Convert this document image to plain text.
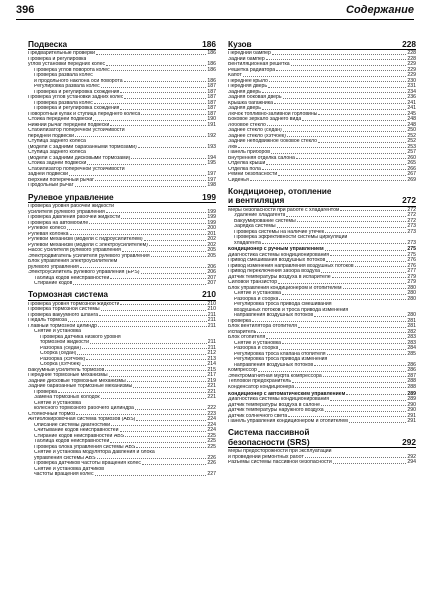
396	Содержание
Подвеска	186
Предварительные проверки	186
Проверка и регулировка
углов установки передних колес	186
Проверка углов поворота колес	186
Проверка развала колес
и продольного наклона оси поворота	186
Регулировка развала колес	187
Проверка и регулировка схождения	187
Проверка углов установки задних колес	187
Проверка развала колес	187
Проверка и регулировка схождения	187
Поворотный кулак и ступица переднего колеса	187
Стойка передней подвески	190
Нижний рычаг передней подвески	191
Стабилизатор поперечной устойчивости
передней подвески	192
Ступица заднего колеса
(модели с задними барабанными тормозами)	193
Ступица заднего колеса
(модели с задними дисковыми тормозами)	194
Стойка задней подвески	195
Стабилизатор поперечной устойчивости
задней подвески	197
Верхний поперечный рычаг	197
Продольный рычаг	198
Рулевое управление	199
Проверка уровня рабочей жидкости
усилителя рулевого управления	199
Проверка давления рабочей жидкости	199
Проверка на автомобиле	199
Рулевое колесо	200
Рулевая колонка	201
Рулевой механизм (модели с гидроусилителем)	202
Рулевой механизм (модели с электроусилителем)	202
Насос усилителя рулевого управления	205
Электродвигатель усилителя рулевого управления	205
Блок управления электроусилителем
рулевого управления	206
Электроусилитель рулевого управления (EPS)	206
Таблица кодов неисправностей	207
Стирание кодов	207
Тормозная система	210
Проверка уровня тормозной жидкости	210
Проверка тормозной системы	210
Проверка вакуумного шланга	211
Педаль тормоза	211
Главный тормозной цилиндр	211
Снятие и установка
Проверка датчика низкого уровня
тормозной жидкости	211
Разборка (седан)	211
Сборка (седан)	212
Разборка (хэтчбек)	213
Сборка (хэтчбек)	214
Вакуумный усилитель тормозов	215
Передние тормозные механизмы	217
Задние дисковые тормозные механизмы	219
Задние барабанные тормозные механизмы	221
Проверка	221
Замена тормозных колодок	221
Снятие и установка
колесного тормозного рабочего цилиндра	222
Стояночный тормоз	223
Антиблокировочная система тормозов (ABS)	224
Описание системы диагностики	224
Считывание кодов неисправностей	224
Стирание кодов неисправностей ABS	225
Таблица кодов неисправностей	225
Проверка блока управления системы ABS	225
Снятие и установка модулятора давления и блока
управления системы ABS	226
Проверка датчиков частоты вращения колес	226
Снятие и установка датчиков
частоты вращения колес	227
Кузов	228
Передний бампер	228
Задний бампер	228
Вентиляционная решетка	229
Решетка радиатора	229
Капот	229
Переднее крыло	230
Передняя дверь	231
Задняя дверь	234
Задняя боковая дверь	236
Крышка багажника	241
Задняя дверь	241
Лючок топливно-заливной горловины	245
Боковое зеркало заднего вида	248
Лобовое стекло	248
Заднее стекло (седан)	250
Заднее стекло (хэтчбек)	252
Задние неподвижное боковое стекло	252
Люк	253
Панель приборов	257
Внутренняя отделка салона	260
Отделка крыши	265
Отделка пола	266
Ремни безопасности	267
Сиденья	269
Кондиционер, отопление
и вентиляция	272
Меры безопасности при работе с хладагентом	272
Удаление хладагента	272
Вакуумирование системы	272
Зарядка системы	273
Проверка системы на наличие утечек	273
Проверка эффективности системы циркуляции
хладагента	273
Кондиционер с ручным управлением	275
Диагностика системы кондиционирования	275
Привод смешивания воздушных потоков	276
Привод изменения направления воздушных потоков	276
Привод переключения забора воздуха	277
Датчик температуры воздуха в испарителе	279
Силовой транзистор	279
Блок управления кондиционером и отопителем	280
Снятие и установка	280
Разборка и сборка	280
Регулировка троса привода смешивания
воздушных потоков и троса привода изменения
направления воздушных потоков	280
Проверка	281
Блок вентилятора отопителя	281
Испаритель	282
Блок отопителя	283
Снятие и установка	283
Разборка и сборка	284
Регулировка троса клапана отопителя	285
Регулировка троса привода изменения
направления воздушных потоков	286
Компрессор	286
Электромагнитная муфта компрессора	287
Тепловой предохранитель	288
Конденсатор кондиционера	288
Кондиционер с автоматическим управлением	289
Диагностика системы кондиционирования	289
Датчик температуры воздуха в салоне	290
Датчик температуры наружного воздуха	290
Датчик солнечного света	291
Панель управления кондиционером и отопителем	291
Система пассивной
безопасности (SRS)	292
Меры предосторожности при эксплуатации
и проведении ремонтных работ	292
Разъемы системы пассивной безопасности	294
